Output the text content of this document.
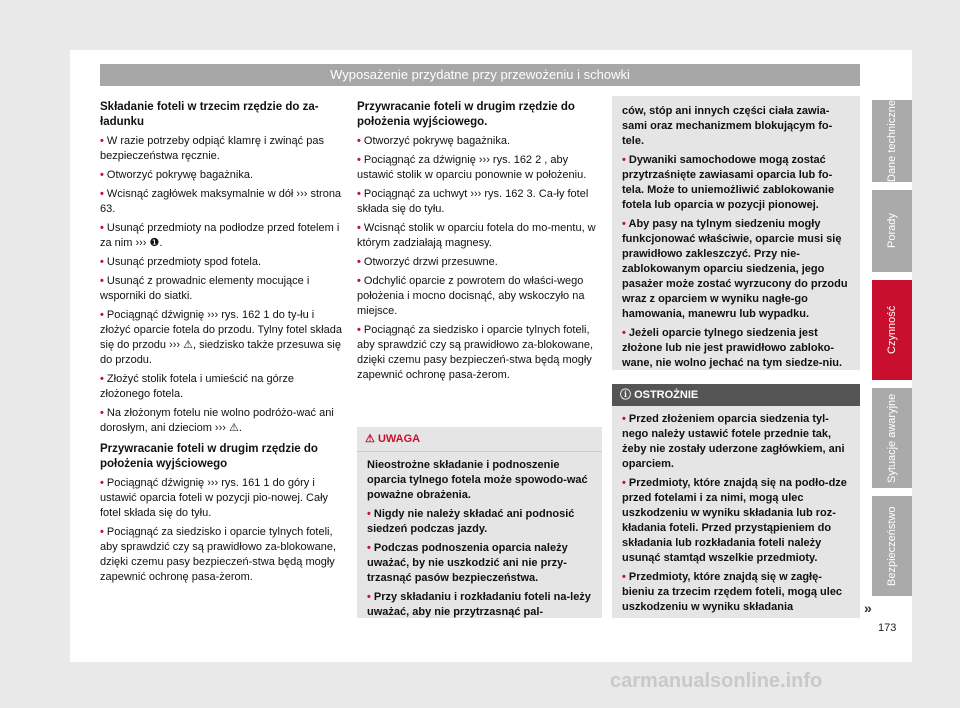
Wyposażenie przydatne przy przewożeniu i schowki
Składanie foteli w trzecim rzędzie do za-ładunku

• W razie potrzeby odpiąć klamrę i zwinąć pas bezpieczeństwa ręcznie.

• Otworzyć pokrywę bagażnika.

• Wcisnąć zagłówek maksymalnie w dół ››› strona 63.

• Usunąć przedmioty na podłodze przed fotelem i za nim ››› ❶.

• Usunąć przedmioty spod fotela.

• Usunąć z prowadnic elementy mocujące i wsporniki do siatki.

• Pociągnąć dźwignię ››› rys. 162 1 do ty-łu i złożyć oparcie fotela do przodu. Tylny fotel składa się do przodu ››› ⚠, siedzisko także przesuwa się do przodu.

• Złożyć stolik fotela i umieścić na górze złożonego fotela.

• Na złożonym fotelu nie wolno podróżo-wać ani dorosłym, ani dzieciom ››› ⚠.

Przywracanie foteli w drugim rzędzie do położenia wyjściowego

• Pociągnąć dźwignię ››› rys. 161 1 do góry i ustawić oparcia foteli w pozycji pio-nowej. Cały fotel składa się do tyłu.

• Pociągnąć za siedzisko i oparcie tylnych foteli, aby sprawdzić czy są prawidłowo za-blokowane, dzięki czemu pasy bezpieczeń-stwa będą mogły zapewnić ochronę pasa-żerom.

Przywracanie foteli w drugim rzędzie do położenia wyjściowego.

• Otworzyć pokrywę bagażnika.

• Pociągnąć za dźwignię ››› rys. 162 2 , aby ustawić stolik w oparciu ponownie w położeniu.

• Pociągnąć za uchwyt ››› rys. 162 3. Ca-ły fotel składa się do tyłu.

• Wcisnąć stolik w oparciu fotela do mo-mentu, w którym zadziałają magnesy.

• Otworzyć drzwi przesuwne.

• Odchylić oparcie z powrotem do właści-wego położenia i mocno docisnąć, aby wskoczyło na miejsce.

• Pociągnąć za siedzisko i oparcie tylnych foteli, aby sprawdzić czy są prawidłowo za-blokowane, dzięki czemu pasy bezpieczeń-stwa będą mogły zapewnić ochronę pasa-żerom.

⚠ UWAGA

Nieostrożne składanie i podnoszenie oparcia tylnego fotela może spowodo-wać poważne obrażenia.

• Nigdy nie należy składać ani podnosić siedzeń podczas jazdy.

• Podczas podnoszenia oparcia należy uważać, by nie uszkodzić ani nie przy-trzasnąć pasów bezpieczeństwa.

• Przy składaniu i rozkładaniu foteli na-leży uważać, aby nie przytrzasnąć pal-

ców, stóp ani innych części ciała zawia-sami oraz mechanizmem blokującym fo-tele.

• Dywaniki samochodowe mogą zostać przytrzaśnięte zawiasami oparcia lub fo-tela. Może to uniemożliwić zablokowanie fotela lub oparcia w pozycji pionowej.

• Aby pasy na tylnym siedzeniu mogły funkcjonować właściwie, oparcie musi się prawidłowo zakleszczyć. Przy nie-zablokowanym oparciu siedzenia, jego pasażer może zostać wyrzucony do przodu wraz z oparciem w wyniku nagłe-go hamowania, manewru lub wypadku.

• Jeżeli oparcie tylnego siedzenia jest złożone lub nie jest prawidłowo zabloko-wane, nie wolno jechać na tym siedze-niu.

ⓘ OSTROŻNIE

• Przed złożeniem oparcia siedzenia tyl-nego należy ustawić fotele przednie tak, żeby nie zostały uderzone zagłówkiem, ani oparciem.

• Przedmioty, które znajdą się na podło-dze przed fotelami i za nimi, mogą ulec uszkodzeniu w wyniku składania lub roz-kładania foteli. Przed przystąpieniem do składania lub rozkładania foteli należy usunąć stamtąd wszelkie przedmioty.

• Przedmioty, które znajdą się w zagłę-bieniu za trzecim rzędem foteli, mogą ulec uszkodzeniu w wyniku składania	»
Dane techniczne
Porady
Czynność
Sytuacje awaryjne
Bezpieczeństwo
173
carmanualsonline.info
